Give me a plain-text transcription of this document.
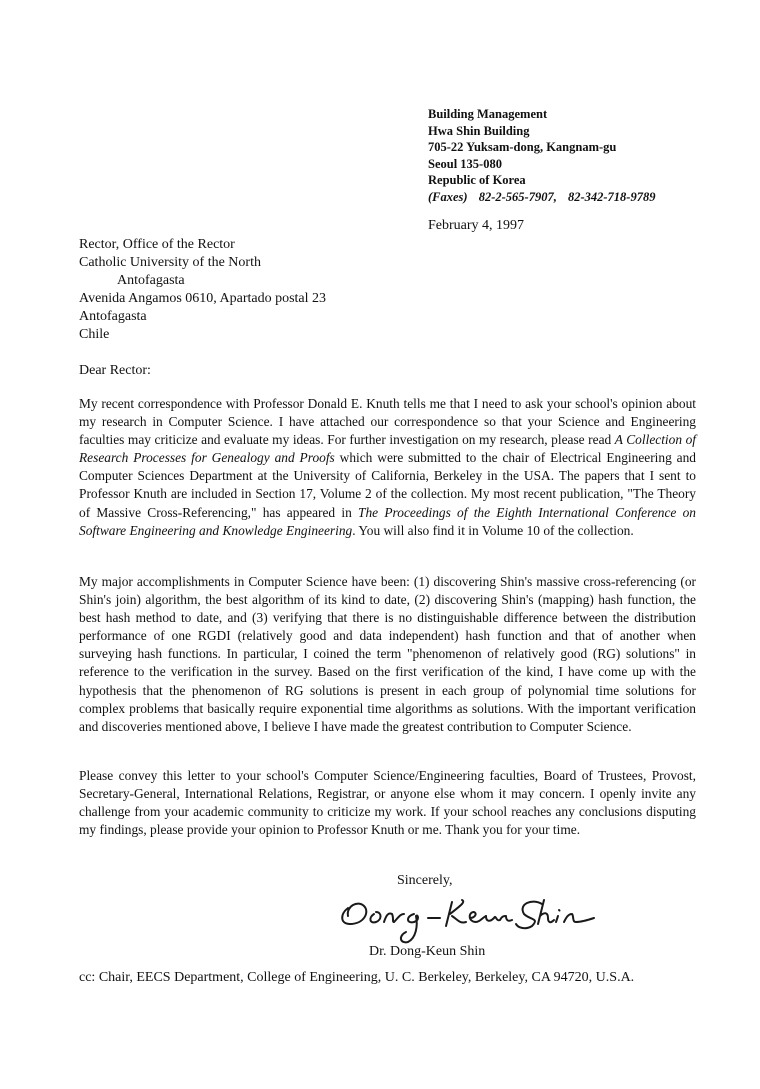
Building Management
Hwa Shin Building
705-22 Yuksam-dong, Kangnam-gu
Seoul 135-080
Republic of Korea
(Faxes) 82-2-565-7907, 82-342-718-9789
February 4, 1997
Rector, Office of the Rector
Catholic University of the North
Antofagasta
Avenida Angamos 0610, Apartado postal 23
Antofagasta
Chile
Dear Rector:

My recent correspondence with Professor Donald E. Knuth tells me that I need to ask your school's opinion about my research in Computer Science. I have attached our correspondence so that your Science and Engineering faculties may criticize and evaluate my ideas. For further investigation on my research, please read A Collection of Research Processes for Genealogy and Proofs which were submitted to the chair of Electrical Engineering and Computer Sciences Department at the University of California, Berkeley in the USA. The papers that I sent to Professor Knuth are included in Section 17, Volume 2 of the collection. My most recent publication, "The Theory of Massive Cross-Referencing," has appeared in The Proceedings of the Eighth International Conference on Software Engineering and Knowledge Engineering. You will also find it in Volume 10 of the collection.

My major accomplishments in Computer Science have been: (1) discovering Shin's massive cross-referencing (or Shin's join) algorithm, the best algorithm of its kind to date, (2) discovering Shin's (mapping) hash function, the best hash method to date, and (3) verifying that there is no distinguishable difference between the distribution performance of one RGDI (relatively good and data independent) hash function and that of another when surveying hash functions. In particular, I coined the term "phenomenon of relatively good (RG) solutions" in reference to the verification in the survey. Based on the first verification of the kind, I have come up with the hypothesis that the phenomenon of RG solutions is present in each group of polynomial time solutions for complex problems that basically require exponential time algorithms as solutions. With the important verification and discoveries mentioned above, I believe I have made the greatest contribution to Computer Science.

Please convey this letter to your school's Computer Science/Engineering faculties, Board of Trustees, Provost, Secretary-General, International Relations, Registrar, or anyone else whom it may concern. I openly invite any challenge from your academic community to criticize my work. If your school reaches any conclusions disputing my findings, please provide your opinion to Professor Knuth or me. Thank you for your time.

Sincerely,
Dr. Dong-Keun Shin
cc: Chair, EECS Department, College of Engineering, U. C. Berkeley, Berkeley, CA 94720, U.S.A.
